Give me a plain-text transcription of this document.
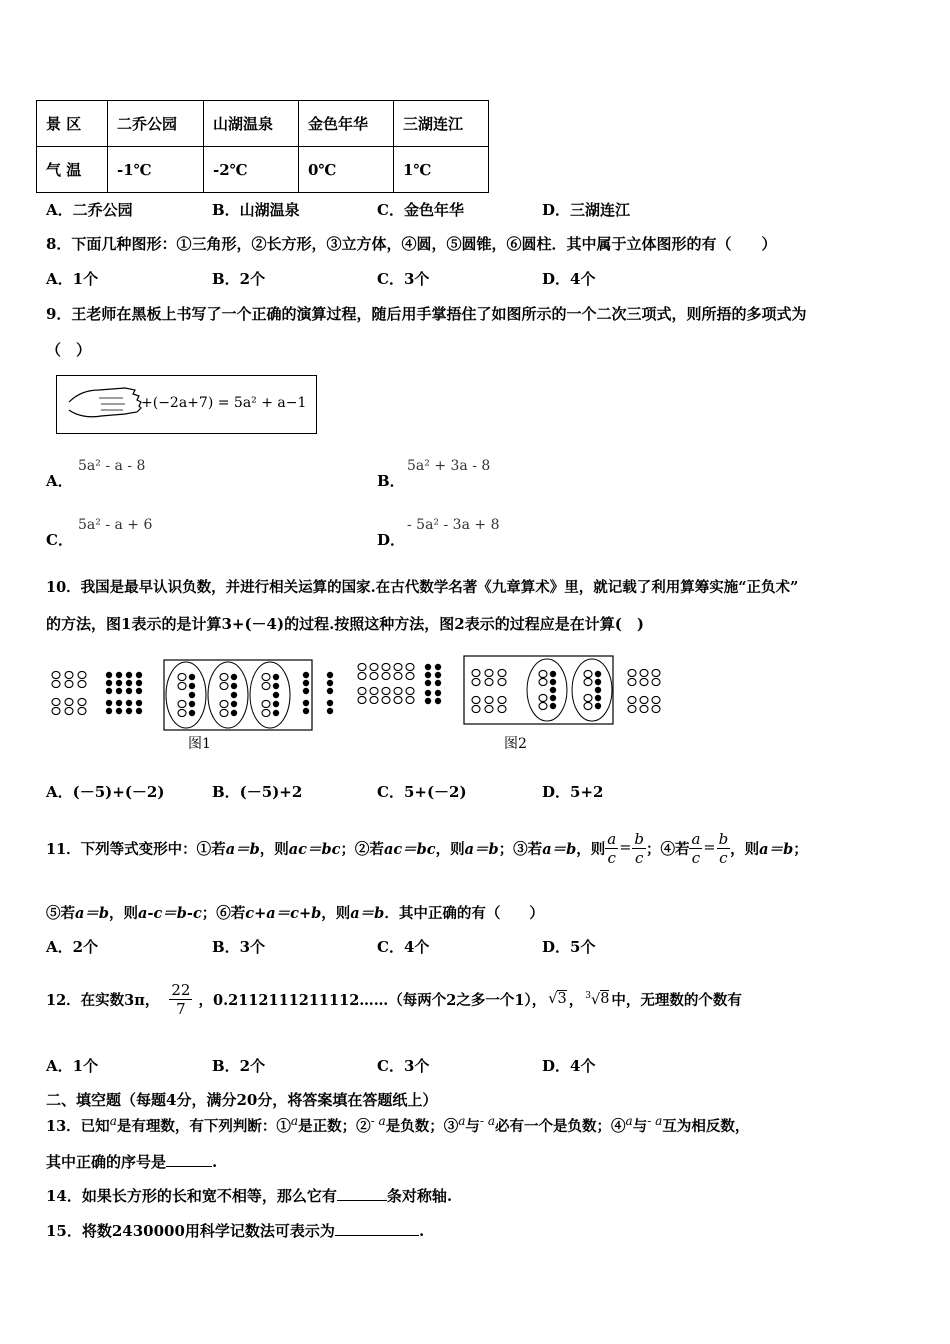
景 区	二乔公园	山湖温泉	金色年华	三湖连江
气 温	-1℃	-2℃	0℃	1℃
A．二乔公园	B．山湖温泉	C．金色年华	D．三湖连江
8．下面几种图形：①三角形，②长方形，③立方体，④圆，⑤圆锥，⑥圆柱．其中属于立体图形的有（　　）
A．1个	B．2个	C．3个	D．4个
9．王老师在黑板上书写了一个正确的演算过程，随后用手掌捂住了如图所示的一个二次三项式，则所捂的多项式为
（　）
+(−2a+7) = 5a² + a−1
A．
5a² - a - 8
B．
5a² + 3a - 8
C．
5a² - a + 6
D．
- 5a² - 3a + 8
10．我国是最早认识负数，并进行相关运算的国家.在古代数学名著《九章算术》里，就记载了利用算筹实施“正负术”
的方法，图1表示的是计算3+(－4)的过程.按照这种方法，图2表示的过程应是在计算(　)
图1	图2
A．(－5)+(－2)	B．(－5)+2	C．5+(－2)	D．5+2
11．下列等式变形中：①若 a＝b ，则 ac＝bc ；②若 ac＝bc ，则 a＝b ；③若 a＝b ，则 $\frac{a}{c} = \frac{b}{c}$ ；④若 $\frac{a}{c} = \frac{b}{c}$ ，则 a＝b ；
⑤若a＝b，则a-c＝b-c；⑥若c+a＝c+b，则a＝b．其中正确的有（　　）
A．2个	B．3个	C．4个	D．5个
12．在实数3π， $\frac{22}{7}$ ，0.2112111211112……（每两个2之多一个1）， √3 ， $^3$√8 中，无理数的个数有
A．1个	B．2个	C．3个	D．4个
二、填空题（每题4分，满分20分，将答案填在答题纸上）
13．已知$^a$是有理数，有下列判断：①$^a$是正数；②$^{- a}$是负数；③$^a$与$^{- a}$必有一个是负数；④$^a$与$^{- a}$互为相反数，
其中正确的序号是	.
14．如果长方形的长和宽不相等，那么它有	条对称轴.
15．将数2430000用科学记数法可表示为	.
